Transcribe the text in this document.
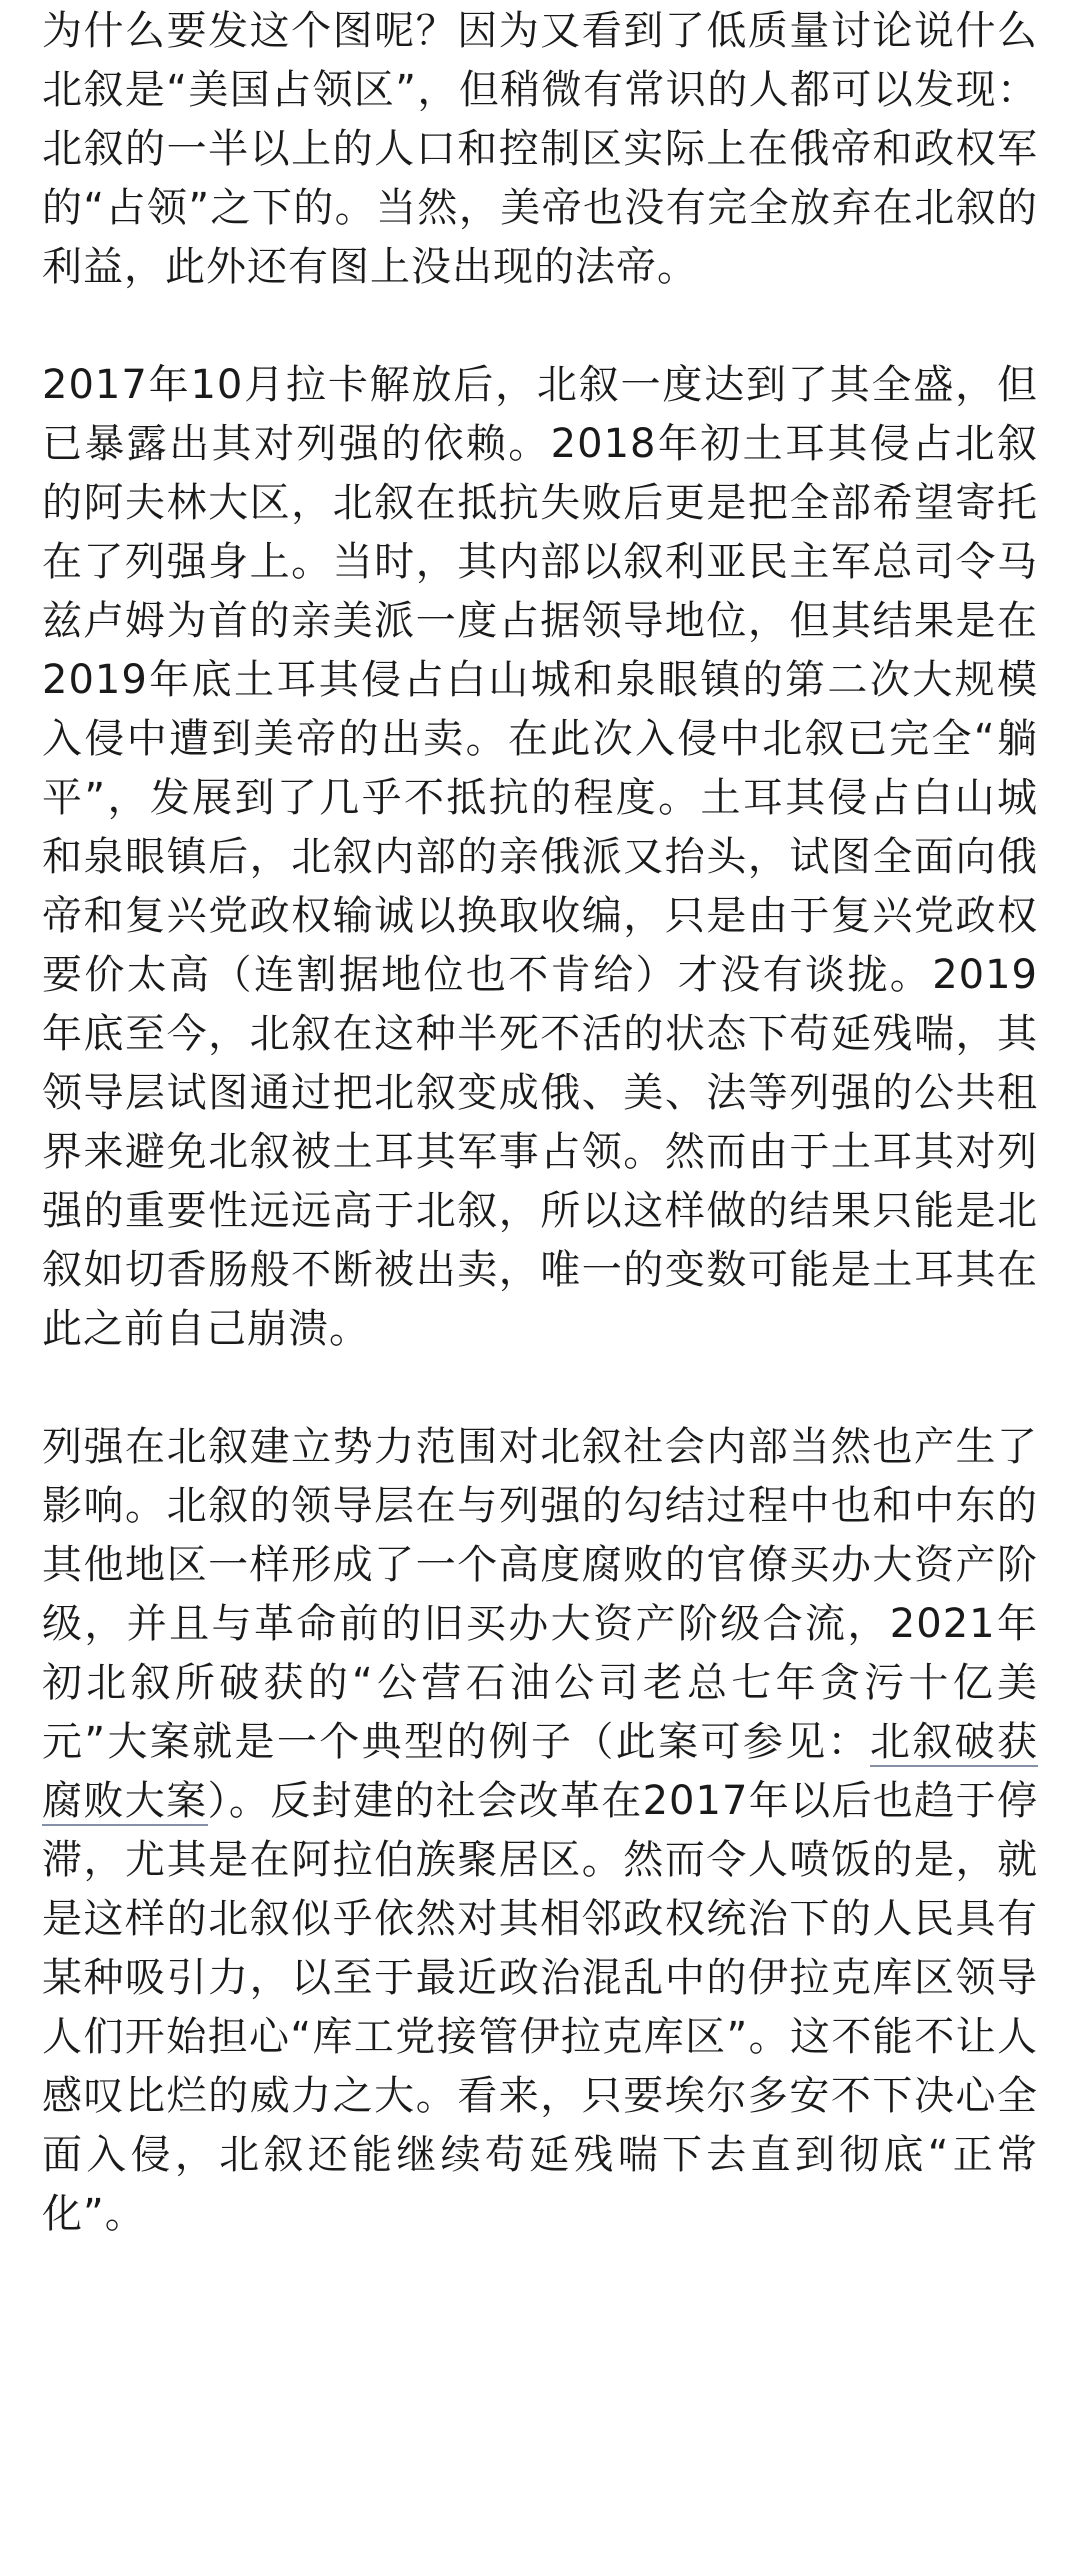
为什么要发这个图呢？因为又看到了低质量讨论说什么北叙是“美国占领区”，但稍微有常识的人都可以发现：北叙的一半以上的人口和控制区实际上在俄帝和政权军的“占领”之下的。当然，美帝也没有完全放弃在北叙的利益，此外还有图上没出现的法帝。

2017年10月拉卡解放后，北叙一度达到了其全盛，但已暴露出其对列强的依赖。2018年初土耳其侵占北叙的阿夫林大区，北叙在抵抗失败后更是把全部希望寄托在了列强身上。当时，其内部以叙利亚民主军总司令马兹卢姆为首的亲美派一度占据领导地位，但其结果是在2019年底土耳其侵占白山城和泉眼镇的第二次大规模入侵中遭到美帝的出卖。在此次入侵中北叙已完全“躺平”，发展到了几乎不抵抗的程度。土耳其侵占白山城和泉眼镇后，北叙内部的亲俄派又抬头，试图全面向俄帝和复兴党政权输诚以换取收编，只是由于复兴党政权要价太高（连割据地位也不肯给）才没有谈拢。2019年底至今，北叙在这种半死不活的状态下苟延残喘，其领导层试图通过把北叙变成俄、美、法等列强的公共租界来避免北叙被土耳其军事占领。然而由于土耳其对列强的重要性远远高于北叙，所以这样做的结果只能是北叙如切香肠般不断被出卖，唯一的变数可能是土耳其在此之前自己崩溃。

列强在北叙建立势力范围对北叙社会内部当然也产生了影响。北叙的领导层在与列强的勾结过程中也和中东的其他地区一样形成了一个高度腐败的官僚买办大资产阶级，并且与革命前的旧买办大资产阶级合流，2021年初北叙所破获的“公营石油公司老总七年贪污十亿美元”大案就是一个典型的例子（此案可参见：北叙破获腐败大案）。反封建的社会改革在2017年以后也趋于停滞，尤其是在阿拉伯族聚居区。然而令人喷饭的是，就是这样的北叙似乎依然对其相邻政权统治下的人民具有某种吸引力，以至于最近政治混乱中的伊拉克库区领导人们开始担心“库工党接管伊拉克库区”。这不能不让人感叹比烂的威力之大。看来，只要埃尔多安不下决心全面入侵，北叙还能继续苟延残喘下去直到彻底“正常化”。
